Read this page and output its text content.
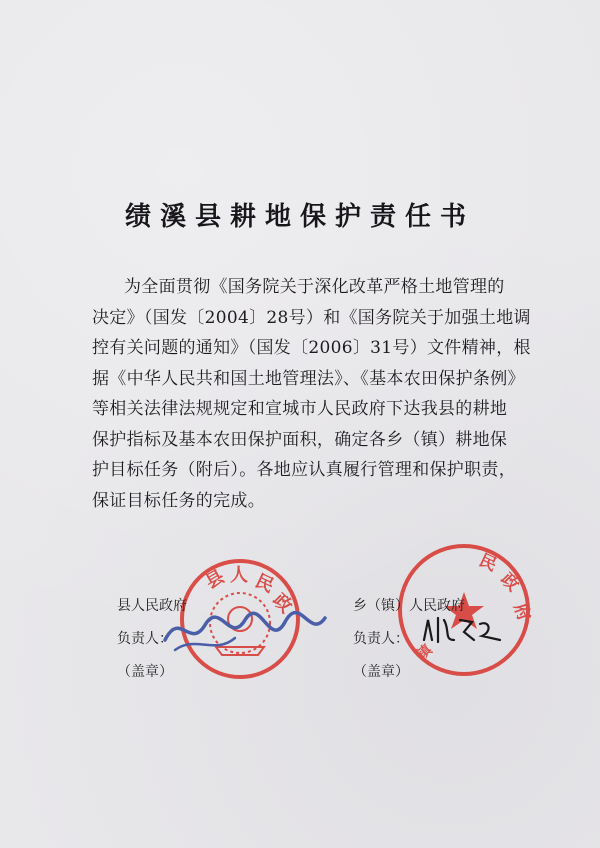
绩溪县耕地保护责任书

为全面贯彻《国务院关于深化改革严格土地管理的
决定》（国发〔2004〕28号）和《国务院关于加强土地调
控有关问题的通知》（国发〔2006〕31号）文件精神，根
据《中华人民共和国土地管理法》、《基本农田保护条例》
等相关法律法规规定和宣城市人民政府下达我县的耕地
保护指标及基本农田保护面积，确定各乡（镇）耕地保
护目标任务（附后）。各地应认真履行管理和保护职责，
保证目标任务的完成。

县 人 民
政
民
政
府
镇
县人民政府
负责人：
（盖章）
乡（镇）人民政府
负责人：
（盖章）
